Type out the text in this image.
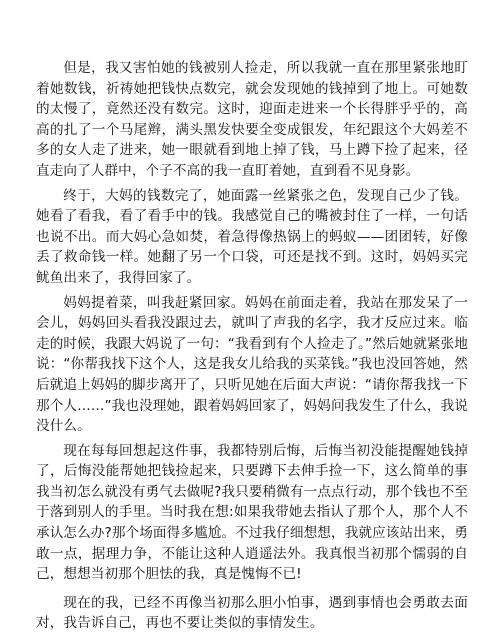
但是，我又害怕她的钱被别人捡走，所以我就一直在那里紧张地盯着她数钱，祈祷她把钱快点数完，就会发现她的钱掉到了地上。可她数的太慢了，竟然还没有数完。这时，迎面走进来一个长得胖乎乎的，高高的扎了一个马尾辫，满头黑发快要全变成银发，年纪跟这个大妈差不多的女人走了进来，她一眼就看到地上掉了钱，马上蹲下捡了起来，径直走向了人群中，个子不高的我一直盯着她，直到看不见身影。

终于，大妈的钱数完了，她面露一丝紧张之色，发现自己少了钱。她看了看我，看了看手中的钱。我感觉自己的嘴被封住了一样，一句话也说不出。而大妈心急如焚，着急得像热锅上的蚂蚁——团团转，好像丢了救命钱一样。她翻了另一个口袋，可还是找不到。这时，妈妈买完鱿鱼出来了，我得回家了。

妈妈提着菜，叫我赶紧回家。妈妈在前面走着，我站在那发呆了一会儿，妈妈回头看我没跟过去，就叫了声我的名字，我才反应过来。临走的时候，我跟大妈说了一句：“我看到有个人捡走了。”然后她就紧张地说：“你帮我找下这个人，这是我女儿给我的买菜钱。”我也没回答她，然后就追上妈妈的脚步离开了，只听见她在后面大声说：“请你帮我找一下那个人……”我也没理她，跟着妈妈回家了，妈妈问我发生了什么，我说没什么。

现在每每回想起这件事，我都特别后悔，后悔当初没能提醒她钱掉了，后悔没能帮她把钱捡起来，只要蹲下去伸手捡一下，这么简单的事我当初怎么就没有勇气去做呢?我只要稍微有一点点行动，那个钱也不至于落到别人的手里。当时我在想:如果我带她去指认了那个人，那个人不承认怎么办?那个场面得多尴尬。不过我仔细想想，我就应该站出来，勇敢一点，据理力争，不能让这种人逍遥法外。我真恨当初那个懦弱的自己，想想当初那个胆怯的我，真是愧悔不已!

现在的我，已经不再像当初那么胆小怕事，遇到事情也会勇敢去面对，我告诉自己，再也不要让类似的事情发生。
